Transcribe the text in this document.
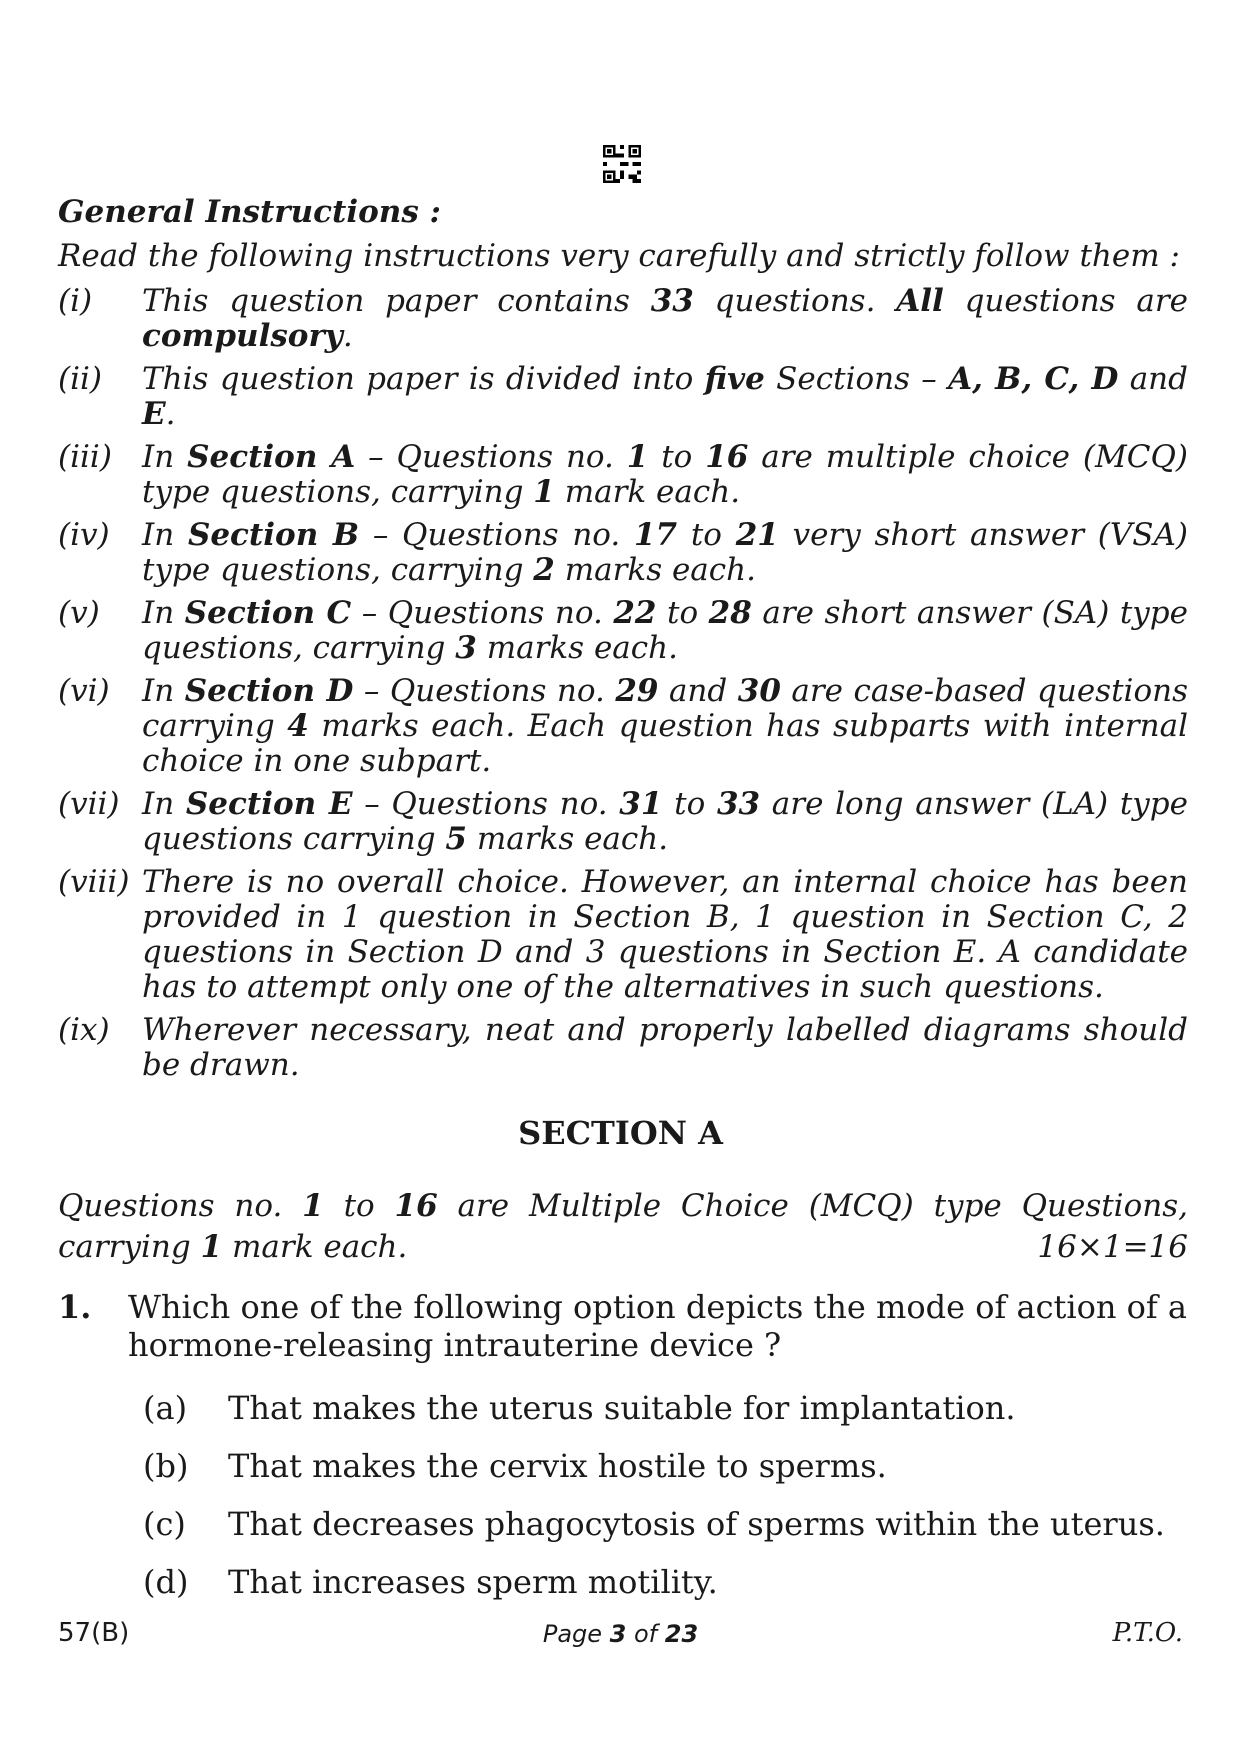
General Instructions :
Read the following instructions very carefully and strictly follow them :
(i)	This question paper contains 33 questions. All questions are compulsory.
(ii)	This question paper is divided into five Sections – A, B, C, D and E.
(iii) In Section A – Questions no. 1 to 16 are multiple choice (MCQ) type questions, carrying 1 mark each.
(iv)	In Section B – Questions no. 17 to 21 very short answer (VSA) type questions, carrying 2 marks each.
(v)	In Section C – Questions no. 22 to 28 are short answer (SA) type questions, carrying 3 marks each.
(vi)	In Section D – Questions no. 29 and 30 are case-based questions carrying 4 marks each. Each question has subparts with internal choice in one subpart.
(vii) In Section E – Questions no. 31 to 33 are long answer (LA) type questions carrying 5 marks each.
(viii) There is no overall choice. However, an internal choice has been provided in 1 question in Section B, 1 question in Section C, 2 questions in Section D and 3 questions in Section E. A candidate has to attempt only one of the alternatives in such questions.
(ix)	Wherever necessary, neat and properly labelled diagrams should be drawn.
SECTION A
Questions no. 1 to 16 are Multiple Choice (MCQ) type Questions,
carrying 1 mark each.	16×1=16
1.	Which one of the following option depicts the mode of action of a hormone-releasing intrauterine device ?
(a)	That makes the uterus suitable for implantation.
(b)	That makes the cervix hostile to sperms.
(c)	That decreases phagocytosis of sperms within the uterus.
(d)	That increases sperm motility.
57(B)	Page 3 of 23	P.T.O.
